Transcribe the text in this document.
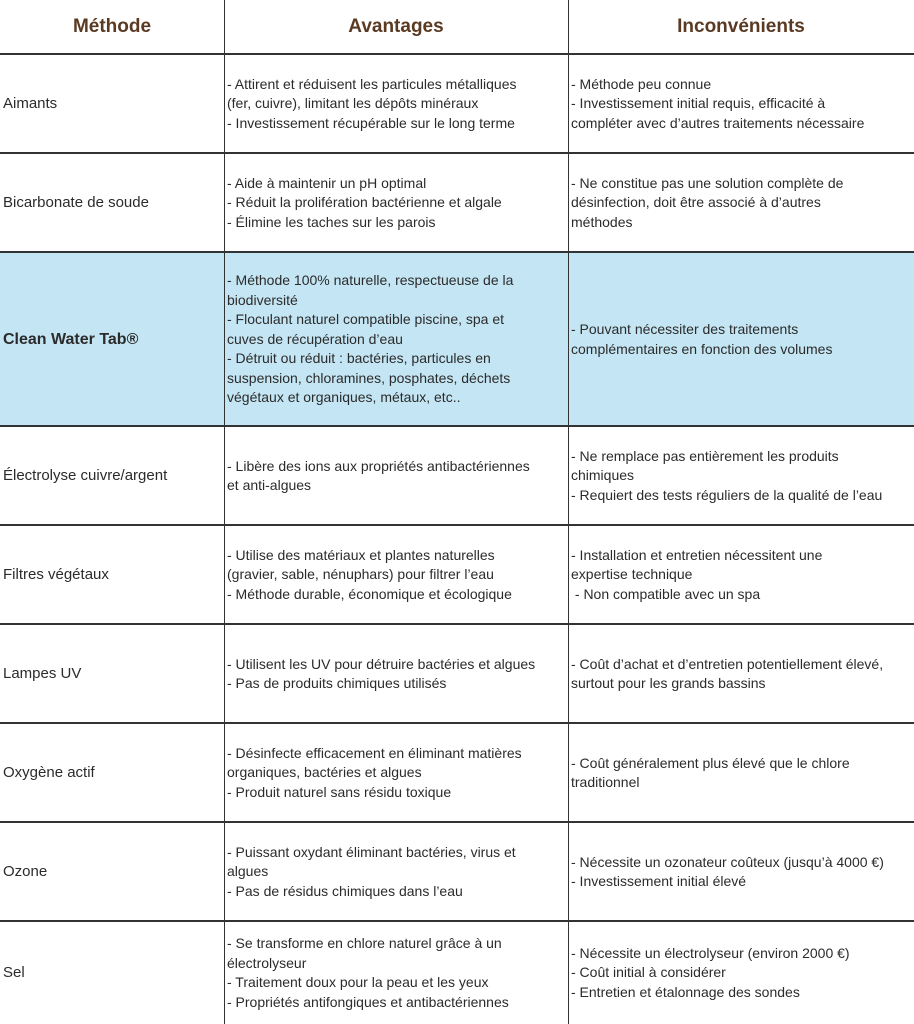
Méthode	Avantages	Inconvénients
Aimants
- Attirent et réduisent les particules métalliques
(fer, cuivre), limitant les dépôts minéraux
- Investissement récupérable sur le long terme
- Méthode peu connue
- Investissement initial requis, efficacité à
compléter avec d’autres traitements nécessaire
Bicarbonate de soude
- Aide à maintenir un pH optimal
- Réduit la prolifération bactérienne et algale
- Élimine les taches sur les parois
- Ne constitue pas une solution complète de
désinfection, doit être associé à d’autres
méthodes
Clean Water Tab®
- Méthode 100% naturelle, respectueuse de la
biodiversité
- Floculant naturel compatible piscine, spa et
cuves de récupération d’eau
- Détruit ou réduit : bactéries, particules en
suspension, chloramines, posphates, déchets
végétaux et organiques, métaux, etc..
- Pouvant nécessiter des traitements
complémentaires en fonction des volumes
Électrolyse cuivre/argent
- Libère des ions aux propriétés antibactériennes
et anti-algues
- Ne remplace pas entièrement les produits
chimiques
- Requiert des tests réguliers de la qualité de l’eau
Filtres végétaux
- Utilise des matériaux et plantes naturelles
(gravier, sable, nénuphars) pour filtrer l’eau
- Méthode durable, économique et écologique
- Installation et entretien nécessitent une
expertise technique
- Non compatible avec un spa
Lampes UV
- Utilisent les UV pour détruire bactéries et algues
- Pas de produits chimiques utilisés
- Coût d’achat et d’entretien potentiellement élevé,
surtout pour les grands bassins
Oxygène actif
- Désinfecte efficacement en éliminant matières
organiques, bactéries et algues
- Produit naturel sans résidu toxique
- Coût généralement plus élevé que le chlore
traditionnel
Ozone
- Puissant oxydant éliminant bactéries, virus et
algues
- Pas de résidus chimiques dans l’eau
- Nécessite un ozonateur coûteux (jusqu’à 4000 €)
- Investissement initial élevé
Sel
- Se transforme en chlore naturel grâce à un
électrolyseur
- Traitement doux pour la peau et les yeux
- Propriétés antifongiques et antibactériennes
- Nécessite un électrolyseur (environ 2000 €)
- Coût initial à considérer
- Entretien et étalonnage des sondes
